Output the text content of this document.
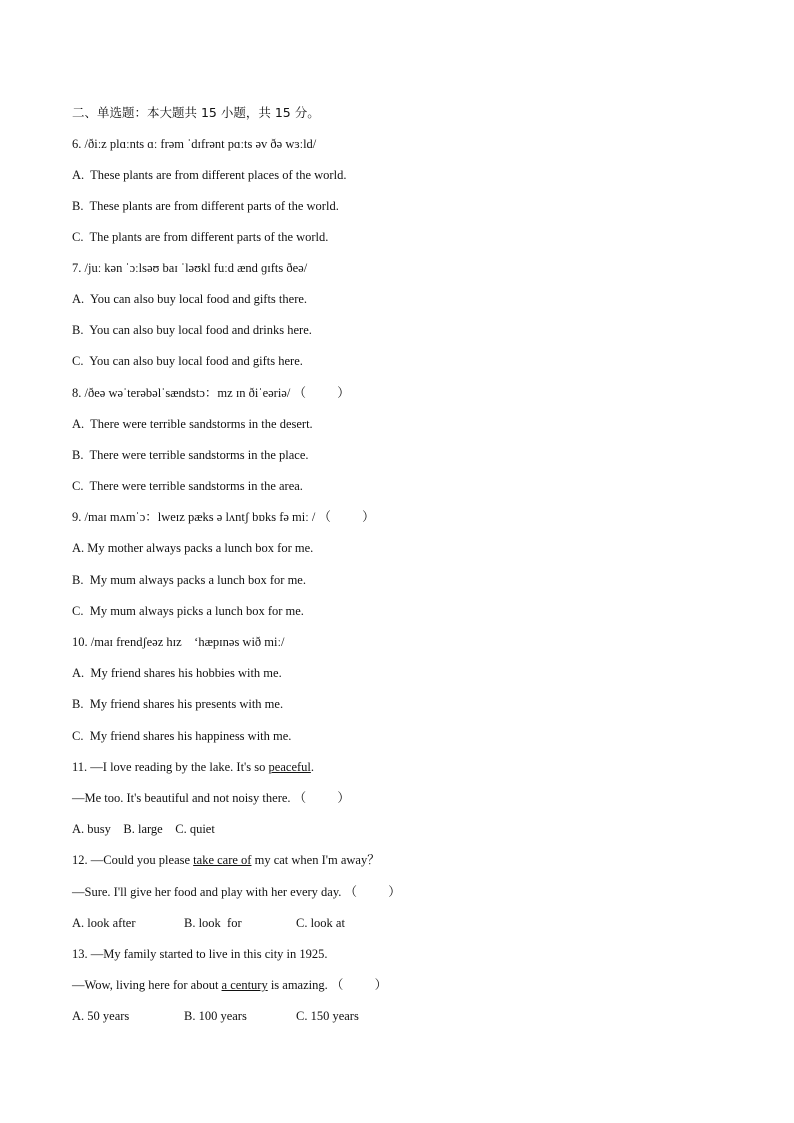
二、单选题：本大题共 15 小题，共 15 分。
6. /ðiːz plɑːnts ɑː frəm ˈdɪfrənt pɑːts əv ðə wɜːld/
A.  These plants are from different places of the world.
B.  These plants are from different parts of the world.
C.  The plants are from different parts of the world.
7. /juː kən ˈɔːlsəʊ baɪ ˈləʊkl fuːd ænd ɡɪfts ðeə/
A.  You can also buy local food and gifts there.
B.  You can also buy local food and drinks here.
C.  You can also buy local food and gifts here.
8. /ðeə wəˈterəbəlˈsændstɔ：mz ɪn ðiˈeəriə/ （          ）
A.  There were terrible sandstorms in the desert.
B.  There were terrible sandstorms in the place.
C.  There were terrible sandstorms in the area.
9. /maɪ mʌmˈɔ：lweɪz pæks ə lʌntʃ bɒks fə miː / （          ）
A. My mother always packs a lunch box for me.
B.  My mum always packs a lunch box for me.
C.  My mum always picks a lunch box for me.
10. /maɪ frendʃeəz hɪz    ‘hæpɪnəs wið miː/
A.  My friend shares his hobbies with me.
B.  My friend shares his presents with me.
C.  My friend shares his happiness with me.
11. —I love reading by the lake. It's so peaceful.
—Me too. It's beautiful and not noisy there. （          ）
A. busy    B. large    C. quiet
12. —Could you please take care of my cat when I'm away？
—Sure. I'll give her food and play with her every day. （          ）
A. look after	B. look  for	C. look at
13. —My family started to live in this city in 1925.
—Wow, living here for about a century is amazing. （          ）
A. 50 years	B. 100 years	C. 150 years
